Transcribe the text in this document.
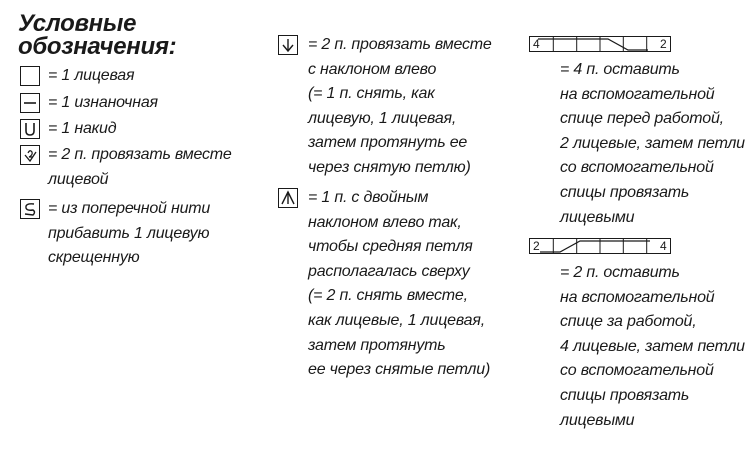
Условные
обозначения:
= 1 лицевая
= 1 изнаночная
= 1 накид
= 2 п. провязать вместе
лицевой
= из поперечной нити
прибавить 1 лицевую
скрещенную
= 2 п. провязать вместе
с наклоном влево
(= 1 п. снять, как
лицевую, 1 лицевая,
затем протянуть ее
через снятую петлю)
= 1 п. с двойным
наклоном влево так,
чтобы средняя петля
располагалась сверху
(= 2 п. снять вместе,
как лицевые, 1 лицевая,
затем протянуть
ее через снятые петли)
4	2
= 4 п. оставить
на вспомогательной
спице перед работой,
2 лицевые, затем петли
со вспомогательной
спицы провязать
лицевыми
2	4
= 2 п. оставить
на вспомогательной
спице за работой,
4 лицевые, затем петли
со вспомогательной
спицы провязать
лицевыми
